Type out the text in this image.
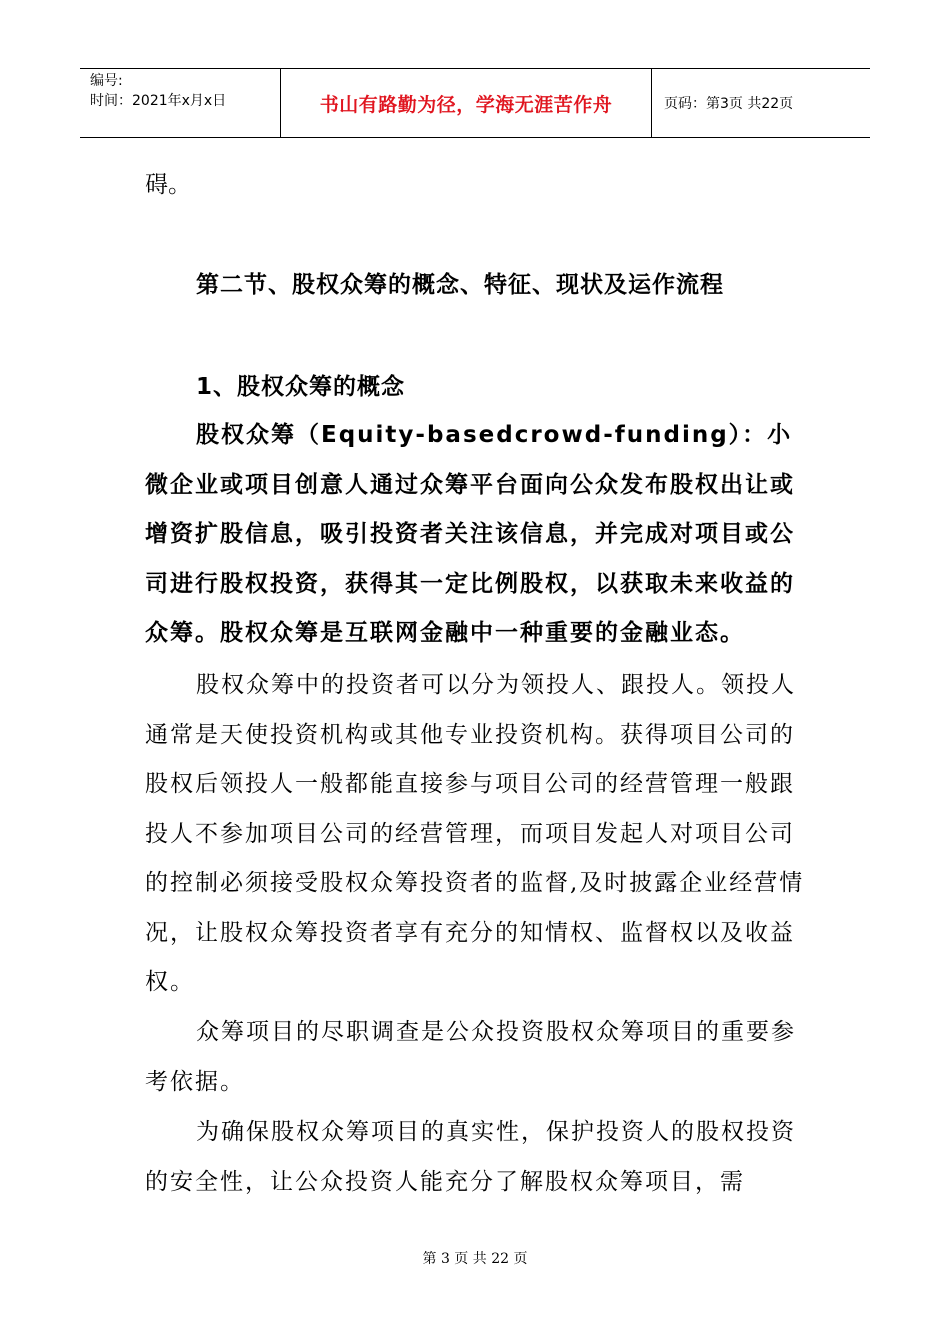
编号:
时间：2021年x月x日	书山有路勤为径，学海无涯苦作舟	页码：第3页 共22页
碍。
第二节、股权众筹的概念、特征、现状及运作流程
1、股权众筹的概念
股权众筹（Equity-basedcrowd-funding）：小微企业或项目创意人通过众筹平台面向公众发布股权出让或增资扩股信息，吸引投资者关注该信息，并完成对项目或公司进行股权投资，获得其一定比例股权，以获取未来收益的众筹。股权众筹是互联网金融中一种重要的金融业态。
股权众筹中的投资者可以分为领投人、跟投人。领投人通常是天使投资机构或其他专业投资机构。获得项目公司的股权后领投人一般都能直接参与项目公司的经营管理一般跟投人不参加项目公司的经营管理，而项目发起人对项目公司的控制必须接受股权众筹投资者的监督,及时披露企业经营情况，让股权众筹投资者享有充分的知情权、监督权以及收益权。
众筹项目的尽职调查是公众投资股权众筹项目的重要参考依据。
为确保股权众筹项目的真实性，保护投资人的股权投资的安全性，让公众投资人能充分了解股权众筹项目，需
第 3 页 共 22 页
